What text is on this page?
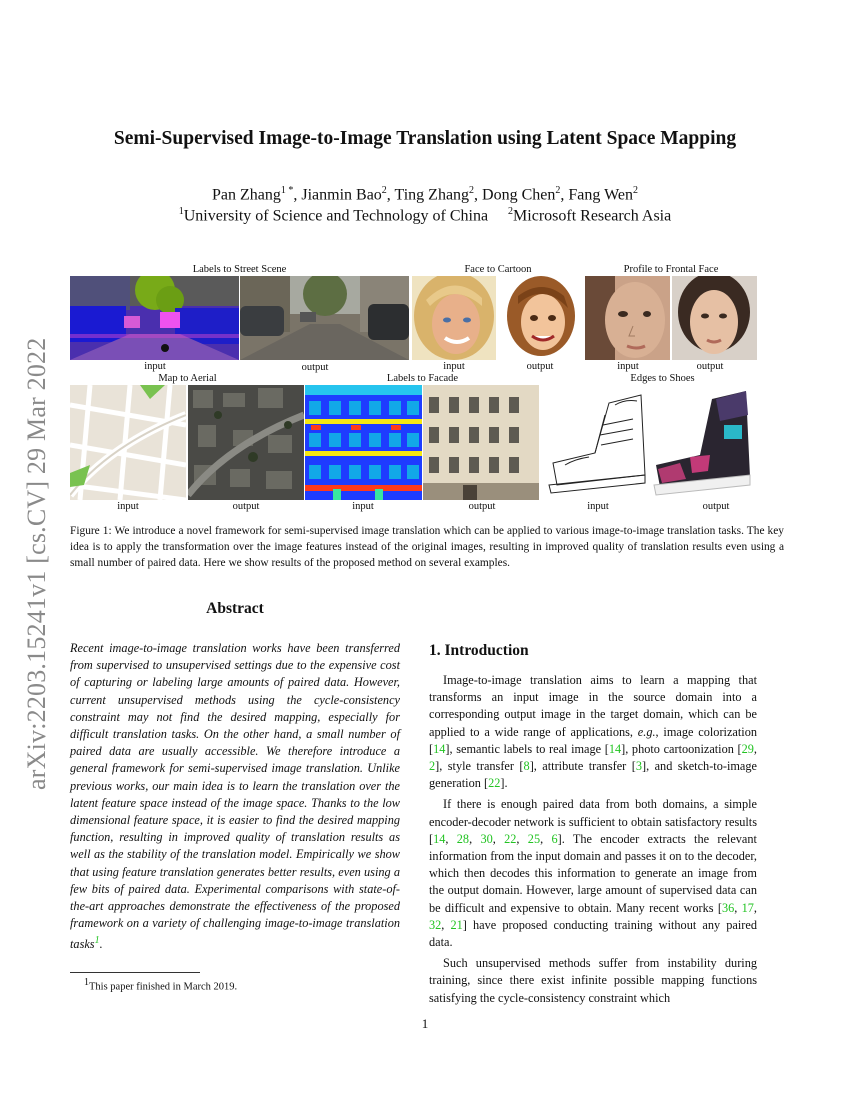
arXiv:2203.15241v1 [cs.CV] 29 Mar 2022
Semi-Supervised Image-to-Image Translation using Latent Space Mapping
Pan Zhang$^{1 *}$, Jianmin Bao$^2$, Ting Zhang$^2$, Dong Chen$^2$, Fang Wen$^2$
$^1$University of Science and Technology of China $^2$Microsoft Research Asia
Labels to Street Scene	Face to Cartoon	Profile to Frontal Face
input	output	input	output	input	output
Map to Aerial	Labels to Facade	Edges to Shoes
input	output	input	output	input	output
Figure 1: We introduce a novel framework for semi-supervised image translation which can be applied to various image-to-image translation tasks. The key idea is to apply the transformation over the image features instead of the original images, resulting in improved quality of translation results even using a small number of paired data. Here we show results of the proposed method on several examples.
Abstract
Recent image-to-image translation works have been transferred from supervised to unsupervised settings due to the expensive cost of capturing or labeling large amounts of paired data. However, current unsupervised methods using the cycle-consistency constraint may not find the desired mapping, especially for difficult translation tasks. On the other hand, a small number of paired data are usually accessible. We therefore introduce a general framework for semi-supervised image translation. Unlike previous works, our main idea is to learn the translation over the latent feature space instead of the image space. Thanks to the low dimensional feature space, it is easier to find the desired mapping function, resulting in improved quality of translation results as well as the stability of the translation model. Empirically we show that using feature translation generates better results, even using a few bits of paired data. Experimental comparisons with state-of-the-art approaches demonstrate the effectiveness of the proposed framework on a variety of challenging image-to-image translation tasks$^1$.
$^1$This paper finished in March 2019.
1. Introduction

Image-to-image translation aims to learn a mapping that transforms an input image in the source domain into a corresponding output image in the target domain, which can be applied to a wide range of applications, e.g., image colorization [14], semantic labels to real image [14], photo cartoonization [29, 2], style transfer [8], attribute transfer [3], and sketch-to-image generation [22].

If there is enough paired data from both domains, a simple encoder-decoder network is sufficient to obtain satisfactory results [14, 28, 30, 22, 25, 6]. The encoder extracts the relevant information from the input domain and passes it on to the decoder, which then decodes this information to generate an image from the output domain. However, large amount of supervised data can be difficult and expensive to obtain. Many recent works [36, 17, 32, 21] have proposed conducting training without any paired data.

Such unsupervised methods suffer from instability during training, since there exist infinite possible mapping functions satisfying the cycle-consistency constraint which

1
